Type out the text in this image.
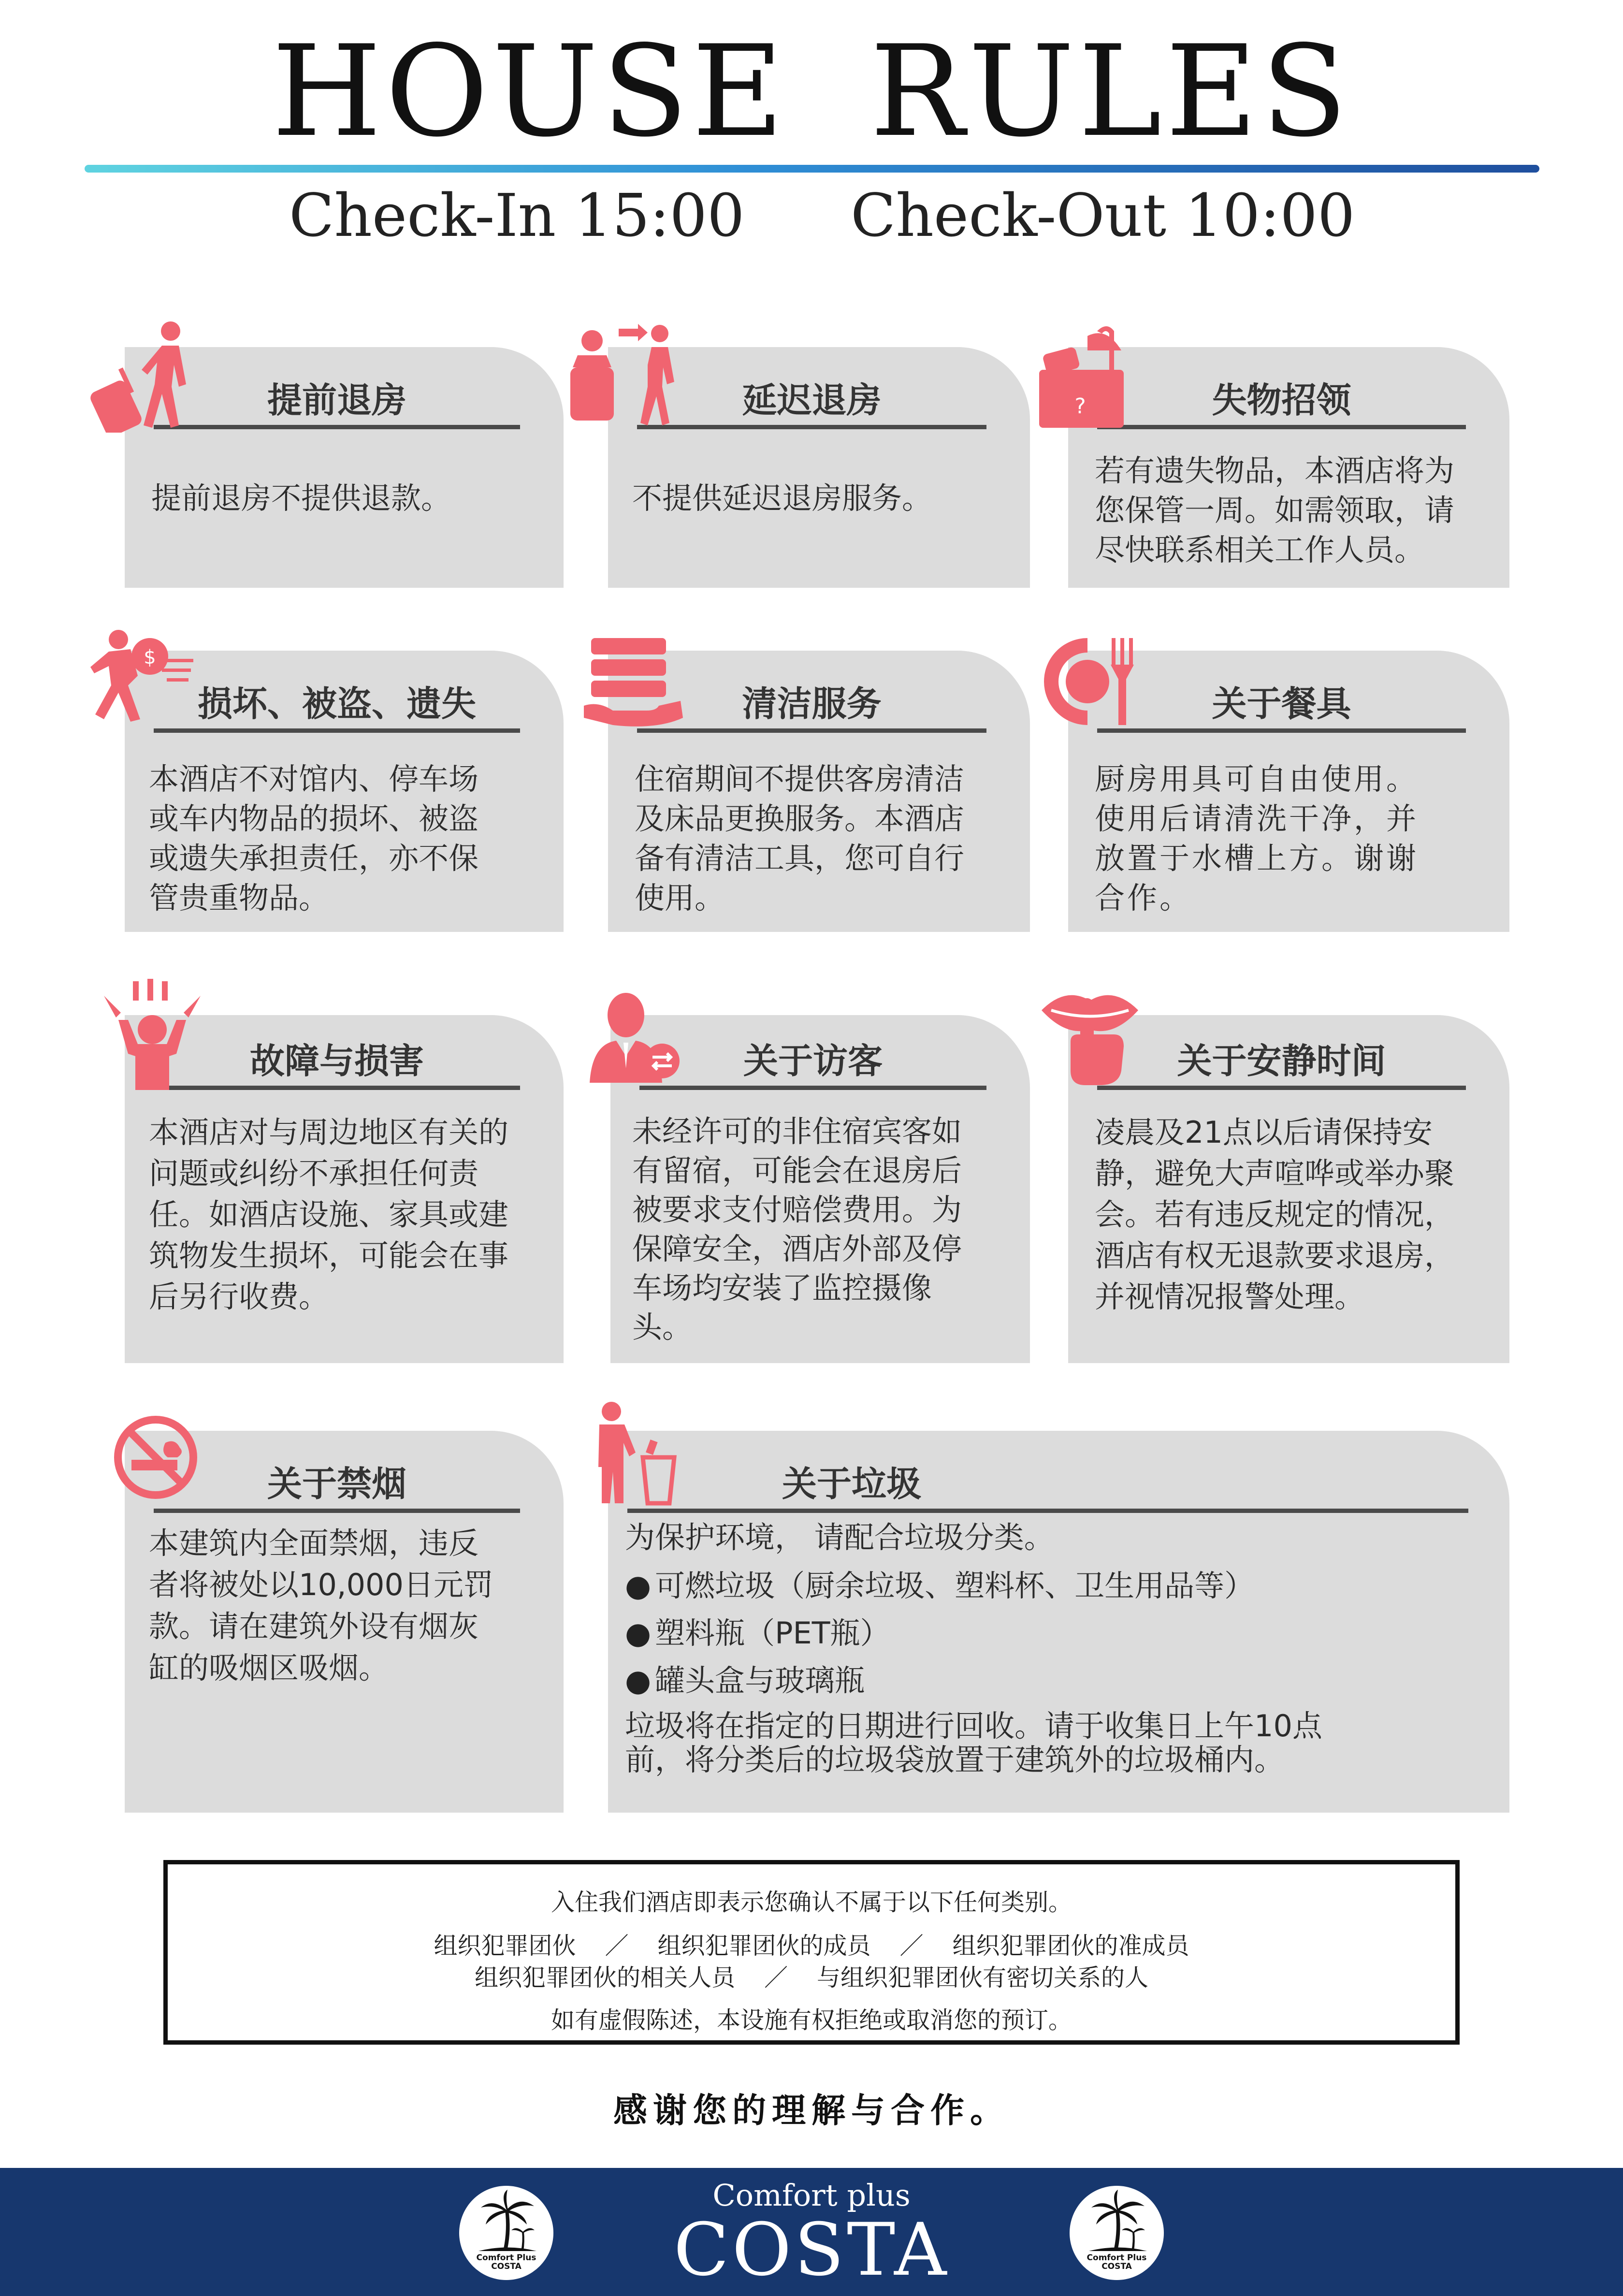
HOUSE RULES
Check-In 15:00 Check-Out 10:00
提前退房
提前退房不提供退款。
延迟退房
不提供延迟退房服务。
失物招领
若有遗失物品，本酒店将为
您保管一周。如需领取，请
尽快联系相关工作人员。
?
损坏、被盗、遗失
本酒店不对馆内、停车场
或车内物品的损坏、被盗
或遗失承担责任，亦不保
管贵重物品。
$
清洁服务
住宿期间不提供客房清洁
及床品更换服务。本酒店
备有清洁工具，您可自行
使用。
关于餐具
厨房用具可自由使用。
使用后请清洗干净，并
放置于水槽上方。谢谢
合作。
故障与损害
本酒店对与周边地区有关的
问题或纠纷不承担任何责
任。如酒店设施、家具或建
筑物发生损坏，可能会在事
后另行收费。
关于访客
未经许可的非住宿宾客如
有留宿，可能会在退房后
被要求支付赔偿费用。为
保障安全，酒店外部及停
车场均安装了监控摄像
头。
关于安静时间
凌晨及21点以后请保持安
静，避免大声喧哗或举办聚
会。若有违反规定的情况，
酒店有权无退款要求退房，
并视情况报警处理。
关于禁烟
本建筑内全面禁烟，违反
者将被处以10,000日元罚
款。请在建筑外设有烟灰
缸的吸烟区吸烟。
关于垃圾
为保护环境， 请配合垃圾分类。
● 可燃垃圾（厨余垃圾、塑料杯、卫生用品等）
● 塑料瓶（PET瓶）
● 罐头盒与玻璃瓶
垃圾将在指定的日期进行回收。请于收集日上午10点
前，将分类后的垃圾袋放置于建筑外的垃圾桶内。
入住我们酒店即表示您确认不属于以下任何类别。
组织犯罪团伙 ／ 组织犯罪团伙的成员 ／ 组织犯罪团伙的准成员
组织犯罪团伙的相关人员 ／ 与组织犯罪团伙有密切关系的人
如有虚假陈述，本设施有权拒绝或取消您的预订。
感谢您的理解与合作。
Comfort Plus
COSTA
Comfort plus
COSTA	Comfort Plus
COSTA
